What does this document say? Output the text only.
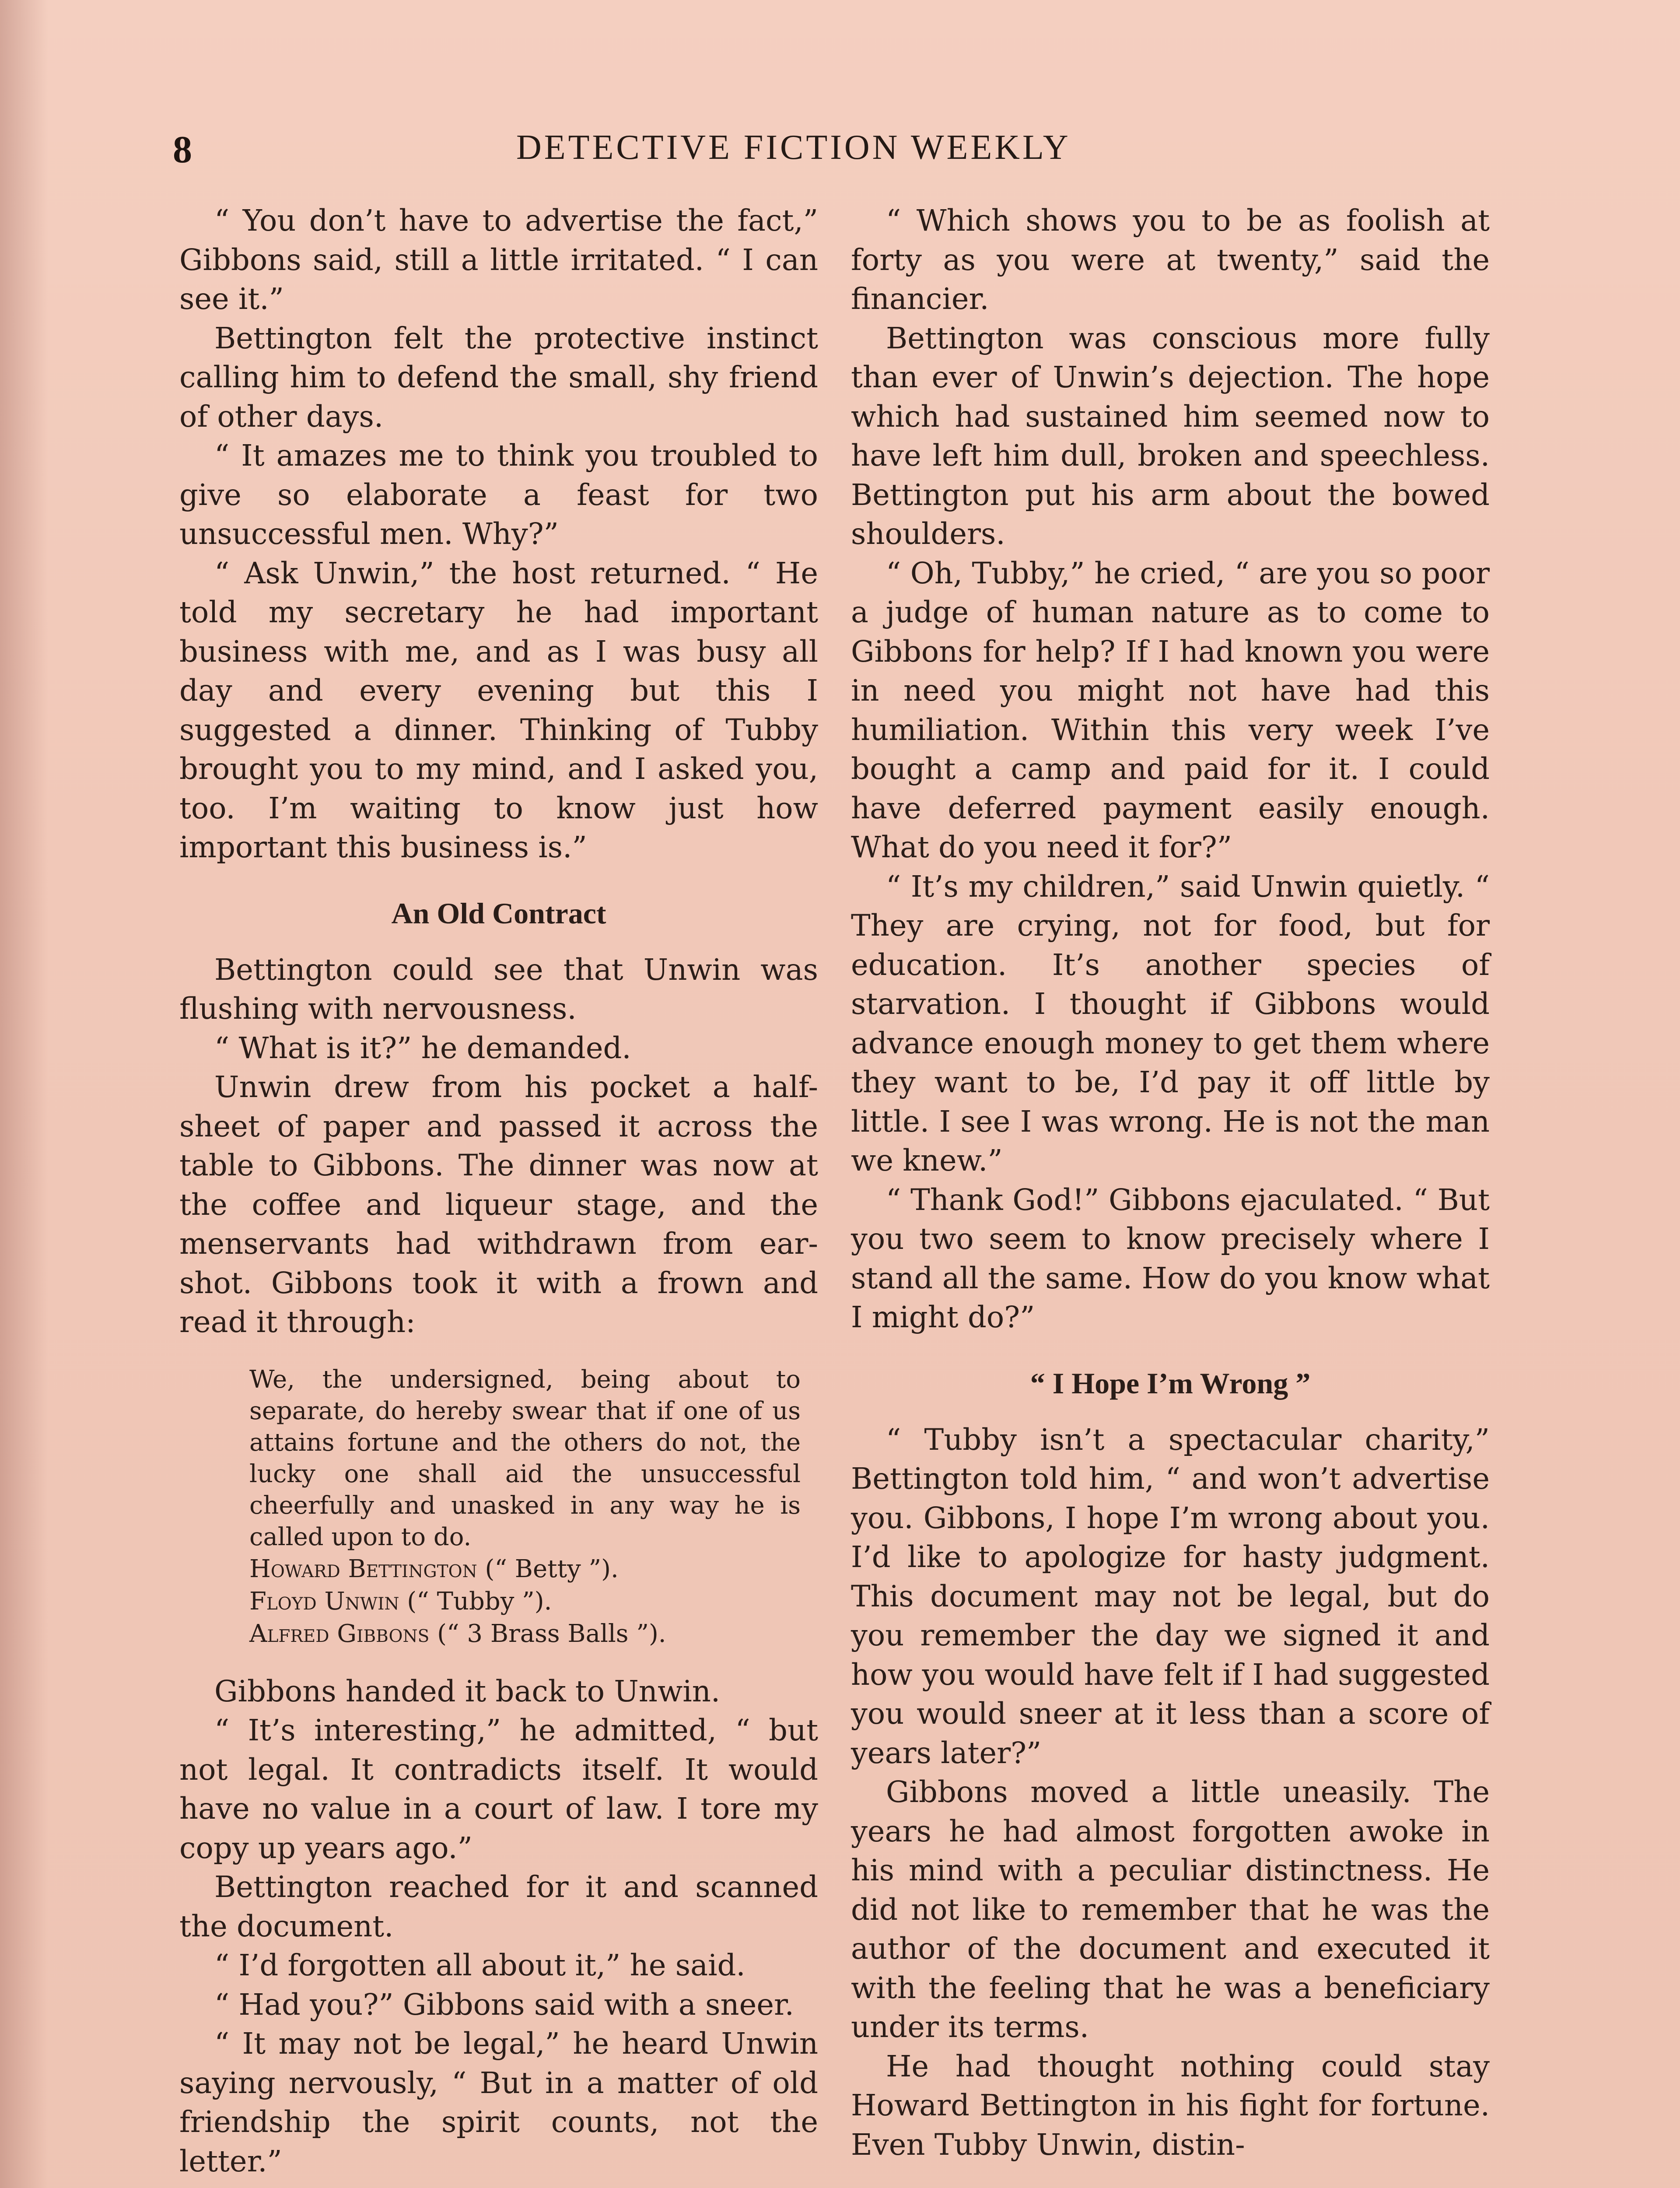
8	DETECTIVE FICTION WEEKLY

“ You don’t have to advertise the fact,” Gibbons said, still a little irritated. “ I can see it.”

Bettington felt the protective instinct calling him to defend the small, shy friend of other days.

“ It amazes me to think you troubled to give so elaborate a feast for two unsuccessful men. Why?”

“ Ask Unwin,” the host returned. “ He told my secretary he had important business with me, and as I was busy all day and every evening but this I suggested a dinner. Thinking of Tubby brought you to my mind, and I asked you, too. I’m waiting to know just how important this business is.”

An Old Contract

Bettington could see that Unwin was flushing with nervousness.

“ What is it?” he demanded.

Unwin drew from his pocket a half-sheet of paper and passed it across the table to Gibbons. The dinner was now at the coffee and liqueur stage, and the menservants had withdrawn from ear-shot. Gibbons took it with a frown and read it through:

We, the undersigned, being about to separate, do hereby swear that if one of us attains fortune and the others do not, the lucky one shall aid the unsuccessful cheerfully and unasked in any way he is called upon to do.

Howard Bettington (“ Betty ”).

Floyd Unwin (“ Tubby ”).

Alfred Gibbons (“ 3 Brass Balls ”).

Gibbons handed it back to Unwin.

“ It’s interesting,” he admitted, “ but not legal. It contradicts itself. It would have no value in a court of law. I tore my copy up years ago.”

Bettington reached for it and scanned the document.

“ I’d forgotten all about it,” he said.

“ Had you?” Gibbons said with a sneer.

“ It may not be legal,” he heard Unwin saying nervously, “ But in a matter of old friendship the spirit counts, not the letter.”

“ Which shows you to be as foolish at forty as you were at twenty,” said the financier.

Bettington was conscious more fully than ever of Unwin’s dejection. The hope which had sustained him seemed now to have left him dull, broken and speechless. Bettington put his arm about the bowed shoulders.

“ Oh, Tubby,” he cried, “ are you so poor a judge of human nature as to come to Gibbons for help? If I had known you were in need you might not have had this humiliation. Within this very week I’ve bought a camp and paid for it. I could have deferred payment easily enough. What do you need it for?”

“ It’s my children,” said Unwin quietly. “ They are crying, not for food, but for education. It’s another species of starvation. I thought if Gibbons would advance enough money to get them where they want to be, I’d pay it off little by little. I see I was wrong. He is not the man we knew.”

“ Thank God!” Gibbons ejaculated. “ But you two seem to know precisely where I stand all the same. How do you know what I might do?”

“ I Hope I’m Wrong ”

“ Tubby isn’t a spectacular charity,” Bettington told him, “ and won’t advertise you. Gibbons, I hope I’m wrong about you. I’d like to apologize for hasty judgment. This document may not be legal, but do you remember the day we signed it and how you would have felt if I had suggested you would sneer at it less than a score of years later?”

Gibbons moved a little uneasily. The years he had almost forgotten awoke in his mind with a peculiar distinctness. He did not like to remember that he was the author of the document and executed it with the feeling that he was a beneficiary under its terms.

He had thought nothing could stay Howard Bettington in his fight for fortune. Even Tubby Unwin, distin-
